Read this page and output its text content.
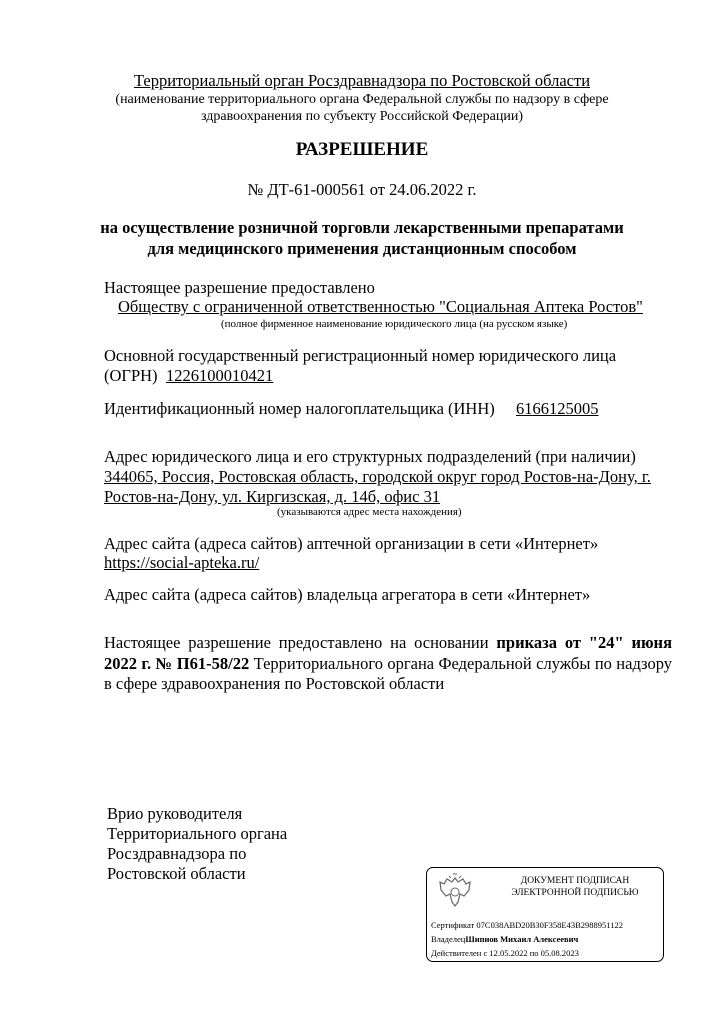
Территориальный орган Росздравнадзора по Ростовской области
(наименование территориального органа Федеральной службы по надзору в сфере
здравоохранения по субъекту Российской Федерации)
РАЗРЕШЕНИЕ
№ ДТ-61-000561 от 24.06.2022 г.
на осуществление розничной торговли лекарственными препаратами
для медицинского применения дистанционным способом
Настоящее разрешение предоставлено
Обществу с ограниченной ответственностью "Социальная Аптека Ростов"
(полное фирменное наименование юридического лица (на русском языке)
Основной государственный регистрационный номер юридического лица
(ОГРН) 1226100010421
Идентификационный номер налогоплательщика (ИНН) 6166125005
Адрес юридического лица и его структурных подразделений (при наличии)
344065, Россия, Ростовская область, городской округ город Ростов-на-Дону, г.
Ростов-на-Дону, ул. Киргизская, д. 14б, офис 31
(указываются адрес места нахождения)
Адрес сайта (адреса сайтов) аптечной организации в сети «Интернет»
https://social-apteka.ru/
Адрес сайта (адреса сайтов) владельца агрегатора в сети «Интернет»
Настоящее разрешение предоставлено на основании приказа от "24" июня 2022 г. № П61-58/22 Территориального органа Федеральной службы по надзору в сфере здравоохранения по Ростовской области
Врио руководителя
Территориального органа
Росздравнадзора по
Ростовской области	ДОКУМЕНТ ПОДПИСАН
ЭЛЕКТРОННОЙ ПОДПИСЬЮ
Сертификат 07C038ABD20B30F358E43B2988951122
ВладелецШипиов Михаил Алексеевич
Действителен с 12.05.2022 по 05.08.2023
